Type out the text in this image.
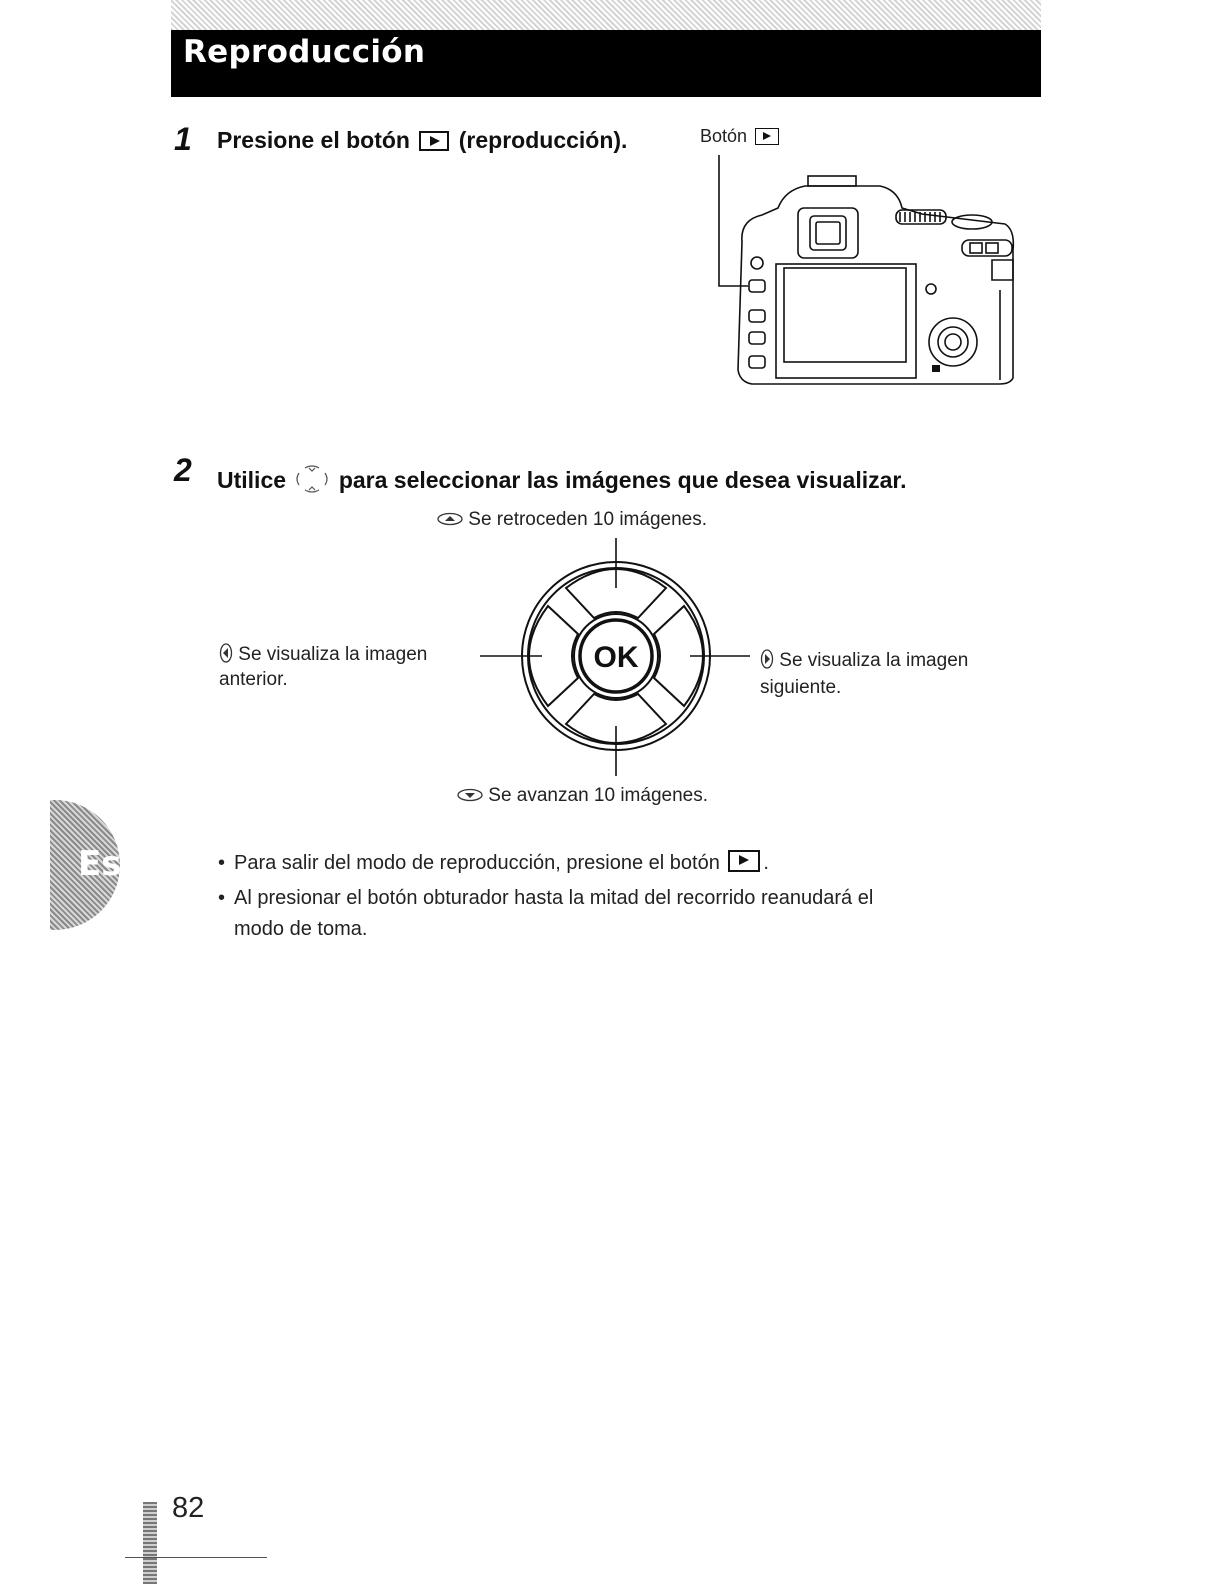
Reproducción
1 Presione el botón (reproducción).	Botón
2 Utilice para seleccionar las imágenes que desea visualizar.
Se retroceden 10 imágenes.
OK
Se visualiza la imagen
anterior.
Se visualiza la imagen
siguiente.
Se avanzan 10 imágenes.
Es	• Para salir del modo de reproducción, presione el botón .
• Al presionar el botón obturador hasta la mitad del recorrido reanudará el
modo de toma.
82
